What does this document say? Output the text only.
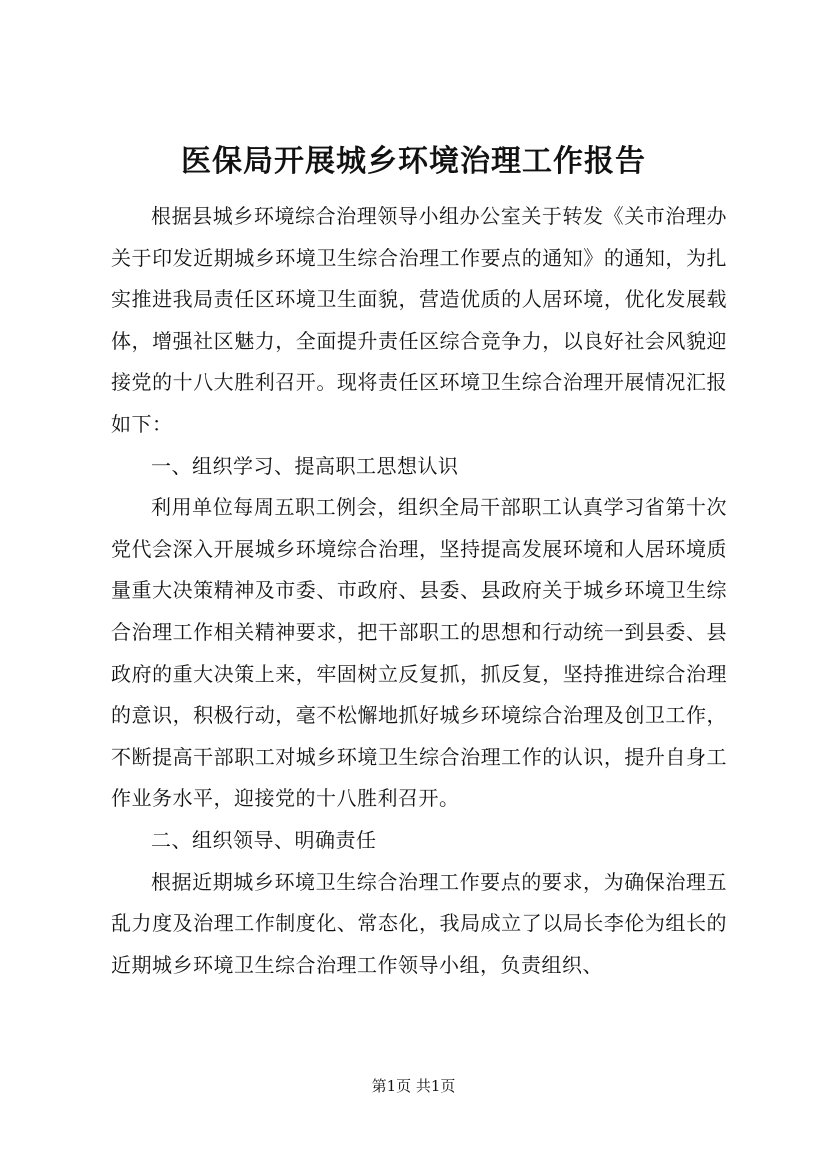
医保局开展城乡环境治理工作报告

根据县城乡环境综合治理领导小组办公室关于转发《关市治理办关于印发近期城乡环境卫生综合治理工作要点的通知》的通知，为扎实推进我局责任区环境卫生面貌，营造优质的人居环境，优化发展载体，增强社区魅力，全面提升责任区综合竞争力，以良好社会风貌迎接党的十八大胜利召开。现将责任区环境卫生综合治理开展情况汇报如下：

一、组织学习、提高职工思想认识

利用单位每周五职工例会，组织全局干部职工认真学习省第十次党代会深入开展城乡环境综合治理，坚持提高发展环境和人居环境质量重大决策精神及市委、市政府、县委、县政府关于城乡环境卫生综合治理工作相关精神要求，把干部职工的思想和行动统一到县委、县政府的重大决策上来，牢固树立反复抓，抓反复，坚持推进综合治理的意识，积极行动，毫不松懈地抓好城乡环境综合治理及创卫工作，不断提高干部职工对城乡环境卫生综合治理工作的认识，提升自身工作业务水平，迎接党的十八胜利召开。

二、组织领导、明确责任

根据近期城乡环境卫生综合治理工作要点的要求，为确保治理五乱力度及治理工作制度化、常态化，我局成立了以局长李伦为组长的近期城乡环境卫生综合治理工作领导小组，负责组织、

第1页 共1页
